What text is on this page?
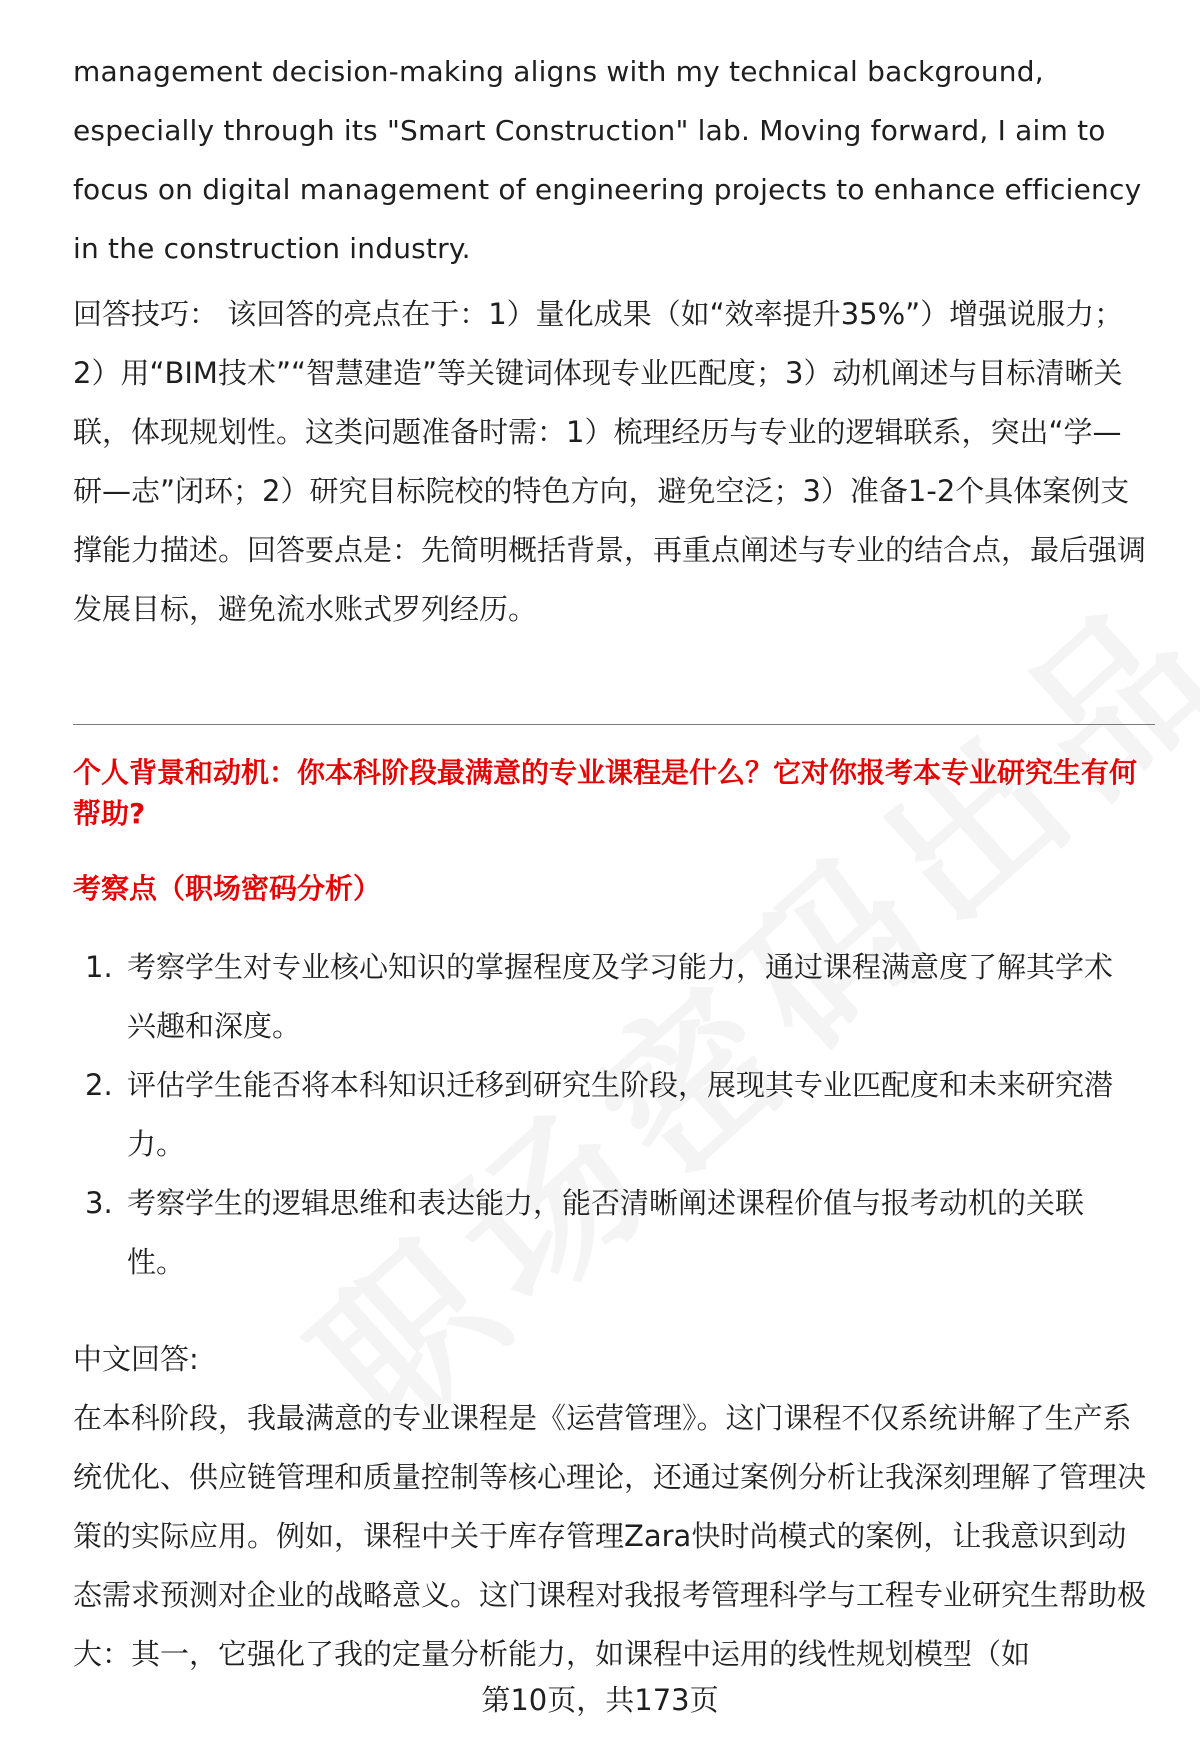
management decision-making aligns with my technical background, especially through its "Smart Construction" lab. Moving forward, I aim to focus on digital management of engineering projects to enhance efficiency in the construction industry.

回答技巧： 该回答的亮点在于：1）量化成果（如“效率提升35%”）增强说服力；2）用“BIM技术”“智慧建造”等关键词体现专业匹配度；3）动机阐述与目标清晰关联，体现规划性。这类问题准备时需：1）梳理经历与专业的逻辑联系，突出“学—研—志”闭环；2）研究目标院校的特色方向，避免空泛；3）准备1-2个具体案例支撑能力描述。回答要点是：先简明概括背景，再重点阐述与专业的结合点，最后强调发展目标，避免流水账式罗列经历。

个人背景和动机：你本科阶段最满意的专业课程是什么？它对你报考本专业研究生有何帮助?

考察点（职场密码分析）

1. 考察学生对专业核心知识的掌握程度及学习能力，通过课程满意度了解其学术兴趣和深度。
2. 评估学生能否将本科知识迁移到研究生阶段，展现其专业匹配度和未来研究潜力。
3. 考察学生的逻辑思维和表达能力，能否清晰阐述课程价值与报考动机的关联性。

中文回答:

在本科阶段，我最满意的专业课程是《运营管理》。这门课程不仅系统讲解了生产系统优化、供应链管理和质量控制等核心理论，还通过案例分析让我深刻理解了管理决策的实际应用。例如，课程中关于库存管理Zara快时尚模式的案例，让我意识到动态需求预测对企业的战略意义。这门课程对我报考管理科学与工程专业研究生帮助极大：其一，它强化了我的定量分析能力，如课程中运用的线性规划模型（如

第10页，共173页
